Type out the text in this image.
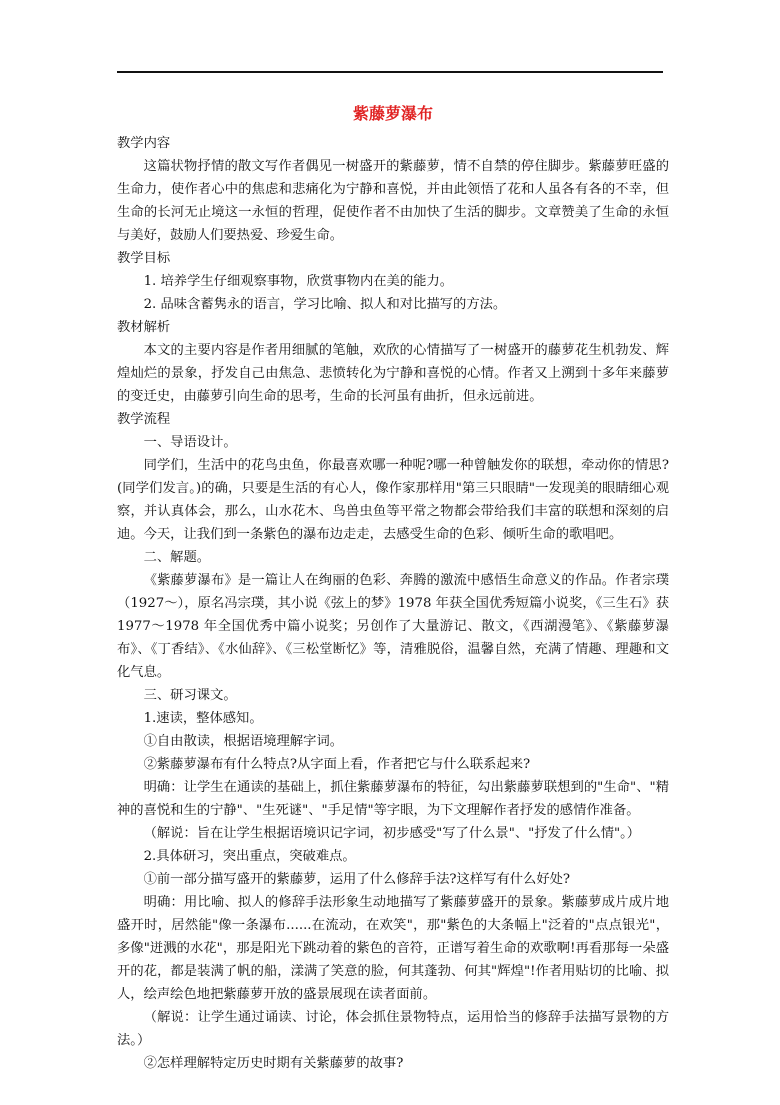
紫藤萝瀑布

教学内容

这篇状物抒情的散文写作者偶见一树盛开的紫藤萝，情不自禁的停住脚步。紫藤萝旺盛的生命力，使作者心中的焦虑和悲痛化为宁静和喜悦，并由此领悟了花和人虽各有各的不幸，但生命的长河无止境这一永恒的哲理，促使作者不由加快了生活的脚步。文章赞美了生命的永恒与美好，鼓励人们要热爱、珍爱生命。

教学目标

1. 培养学生仔细观察事物，欣赏事物内在美的能力。

2. 品味含蓄隽永的语言，学习比喻、拟人和对比描写的方法。

教材解析

本文的主要内容是作者用细腻的笔触，欢欣的心情描写了一树盛开的藤萝花生机勃发、辉煌灿烂的景象，抒发自己由焦急、悲愤转化为宁静和喜悦的心情。作者又上溯到十多年来藤萝的变迁史，由藤萝引向生命的思考，生命的长河虽有曲折，但永远前进。

教学流程

一、导语设计。

同学们，生活中的花鸟虫鱼，你最喜欢哪一种呢?哪一种曾触发你的联想，牵动你的情思?(同学们发言。)的确，只要是生活的有心人，像作家那样用"第三只眼睛"一发现美的眼睛细心观察，并认真体会，那么，山水花木、鸟兽虫鱼等平常之物都会带给我们丰富的联想和深刻的启迪。今天，让我们到一条紫色的瀑布边走走，去感受生命的色彩、倾听生命的歌唱吧。

二、解题。

《紫藤萝瀑布》是一篇让人在绚丽的色彩、奔腾的激流中感悟生命意义的作品。作者宗璞（1927～），原名冯宗璞，其小说《弦上的梦》1978 年获全国优秀短篇小说奖，《三生石》获 1977～1978 年全国优秀中篇小说奖；另创作了大量游记、散文，《西湖漫笔》、《紫藤萝瀑布》、《丁香结》、《水仙辞》、《三松堂断忆》等，清雅脱俗，温馨自然，充满了情趣、理趣和文化气息。

三、研习课文。

1.速读，整体感知。

①自由散读，根据语境理解字词。

②紫藤萝瀑布有什么特点?从字面上看，作者把它与什么联系起来?

明确：让学生在通读的基础上，抓住紫藤萝瀑布的特征，勾出紫藤萝联想到的"生命"、"精神的喜悦和生的宁静"、"生死谜"、"手足情"等字眼，为下文理解作者抒发的感情作准备。

（解说：旨在让学生根据语境识记字词，初步感受"写了什么景"、"抒发了什么情"。）

2.具体研习，突出重点，突破难点。

①前一部分描写盛开的紫藤萝，运用了什么修辞手法?这样写有什么好处?

明确：用比喻、拟人的修辞手法形象生动地描写了紫藤萝盛开的景象。紫藤萝成片成片地盛开时，居然能"像一条瀑布......在流动，在欢笑"，那"紫色的大条幅上"泛着的"点点银光"，多像"迸溅的水花"，那是阳光下跳动着的紫色的音符，正谱写着生命的欢歌啊!再看那每一朵盛开的花，都是装满了帆的船，漾满了笑意的脸，何其蓬勃、何其"辉煌"!作者用贴切的比喻、拟人，绘声绘色地把紫藤萝开放的盛景展现在读者面前。

（解说：让学生通过诵读、讨论，体会抓住景物特点，运用恰当的修辞手法描写景物的方法。）

②怎样理解特定历史时期有关紫藤萝的故事?
